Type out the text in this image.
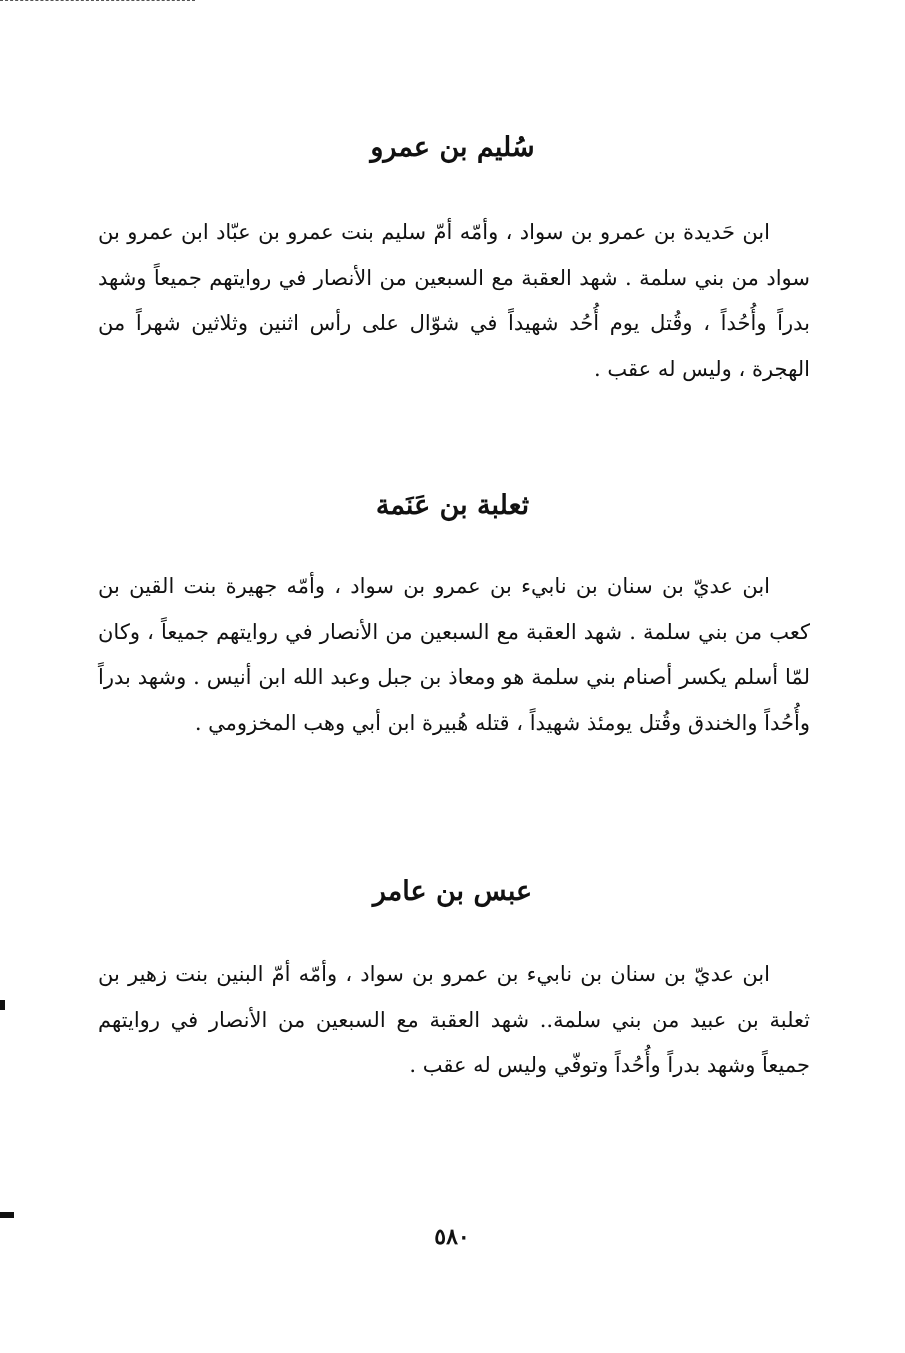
سُليم بن عمرو

ابن حَديدة بن عمرو بن سواد ، وأمّه أمّ سليم بنت عمرو بن عبّاد ابن عمرو بن سواد من بني سلمة . شهد العقبة مع السبعين من الأنصار في روايتهم جميعاً وشهد بدراً وأُحُداً ، وقُتل يوم أُحُد شهيداً في شوّال على رأس اثنين وثلاثين شهراً من الهجرة ، وليس له عقب .

ثعلبة بن عَنَمة

ابن عديّ بن سنان بن نابيء بن عمرو بن سواد ، وأمّه جهيرة بنت القين بن كعب من بني سلمة . شهد العقبة مع السبعين من الأنصار في روايتهم جميعاً ، وكان لمّا أسلم يكسر أصنام بني سلمة هو ومعاذ بن جبل وعبد الله ابن أنيس . وشهد بدراً وأُحُداً والخندق وقُتل يومئذ شهيداً ، قتله هُبيرة ابن أبي وهب المخزومي .

عبس بن عامر

ابن عديّ بن سنان بن نابيء بن عمرو بن سواد ، وأمّه أمّ البنين بنت زهير بن ثعلبة بن عبيد من بني سلمة.. شهد العقبة مع السبعين من الأنصار في روايتهم جميعاً وشهد بدراً وأُحُداً وتوفّي وليس له عقب .

٥٨٠
